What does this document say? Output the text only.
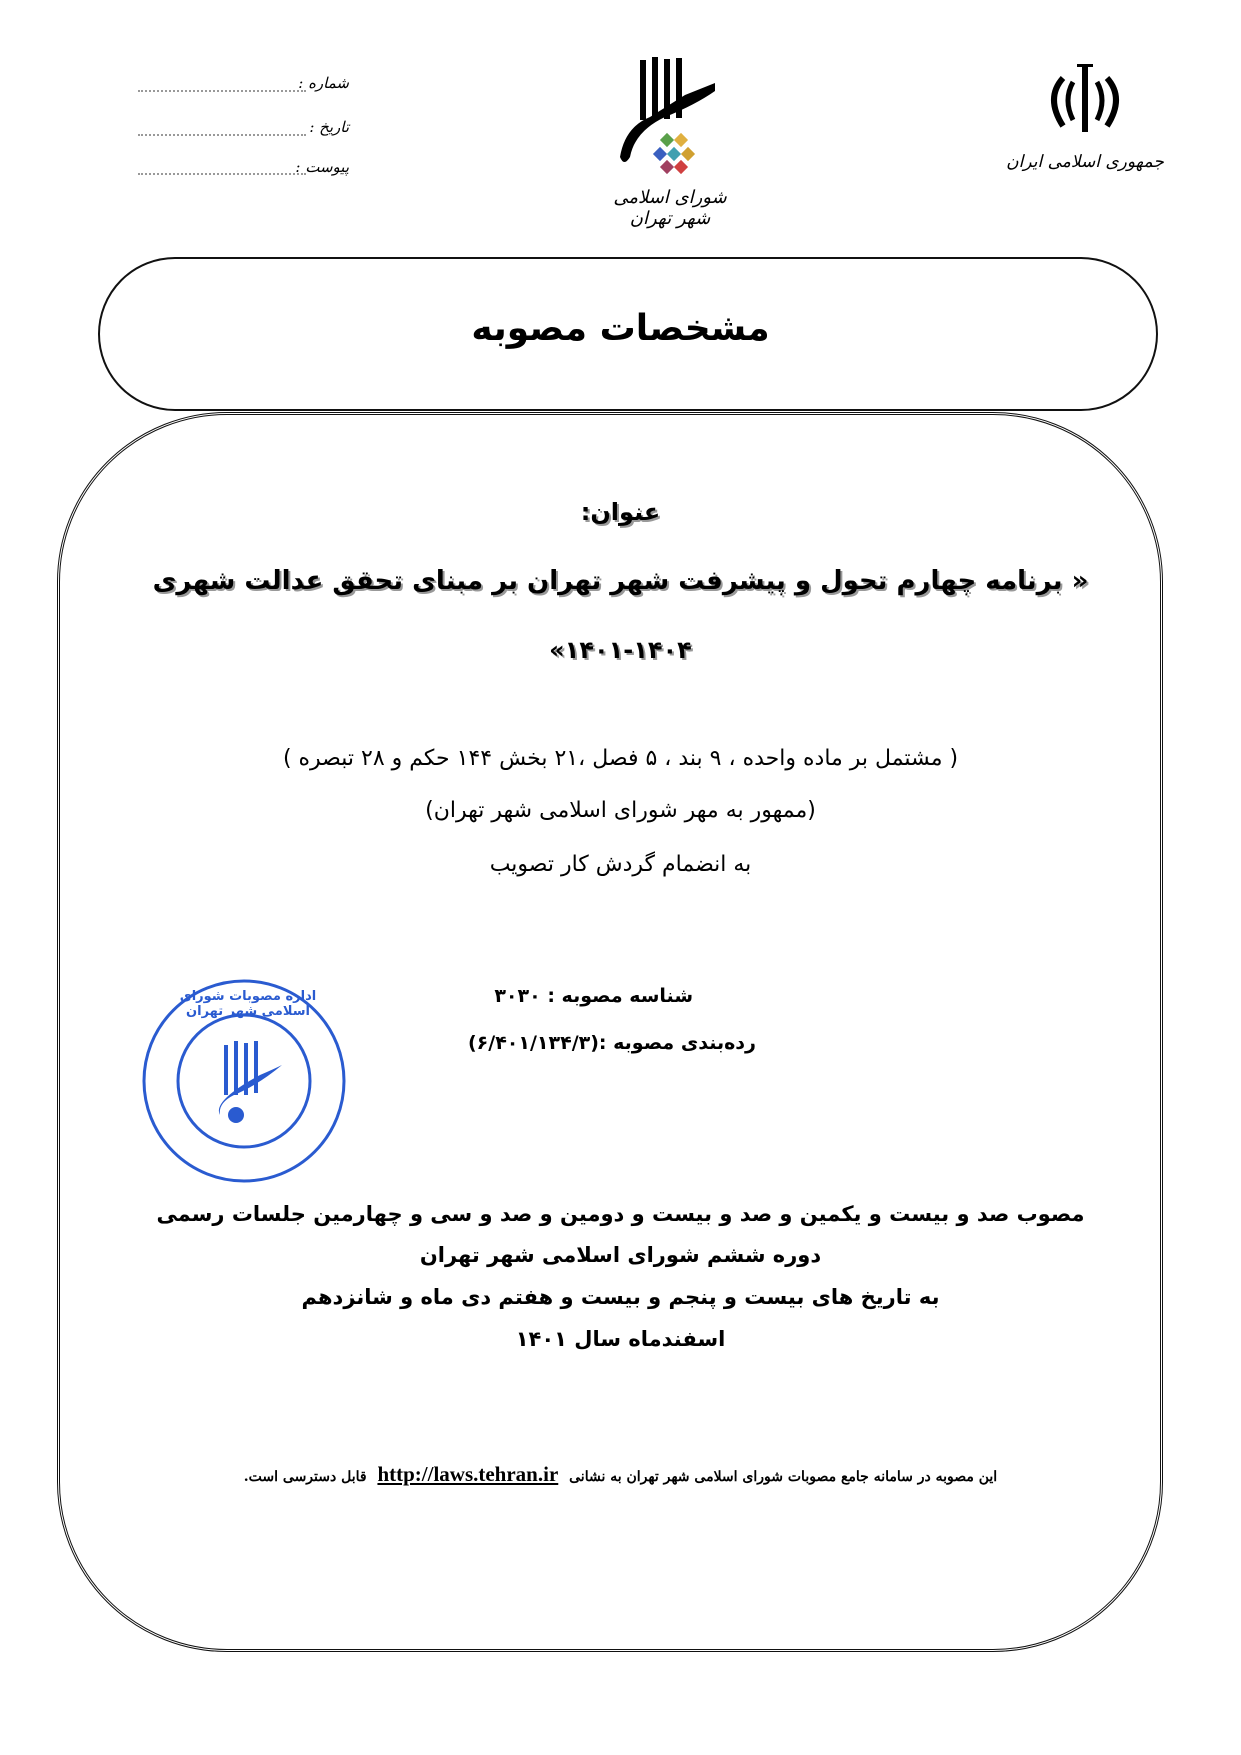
شماره :
تاریخ :
پیوست :
شورای اسلامی شهر تهران
جمهوری اسلامی ایران
مشخصات مصوبه
عنوان:
« برنامه چهارم تحول و پیشرفت شهر تهران بر مبنای تحقق عدالت شهری
۱۴۰۱-۱۴۰۴»
( مشتمل بر ماده واحده ، ۹ بند ، ۵ فصل ،۲۱ بخش ۱۴۴ حکم و ۲۸ تبصره )
(ممهور به مهر شورای اسلامی شهر تهران)
به انضمام گردش کار تصویب
شناسه مصوبه : ۳۰۳۰
رده‌بندی مصوبه :(۶/۴۰۱/۱۳۴/۳)
اداره مصوبات شورای اسلامی شهر تهران
مصوب صد و بیست و یکمین و صد و بیست و دومین و صد و سی و چهارمین جلسات رسمی
دوره ششم شورای اسلامی شهر تهران
به تاریخ های بیست و پنجم و بیست و هفتم دی ماه و شانزدهم
اسفندماه سال ۱۴۰۱
این مصوبه در سامانه جامع مصوبات شورای اسلامی شهر تهران به نشانی http://laws.tehran.ir قابل دسترسی است.
